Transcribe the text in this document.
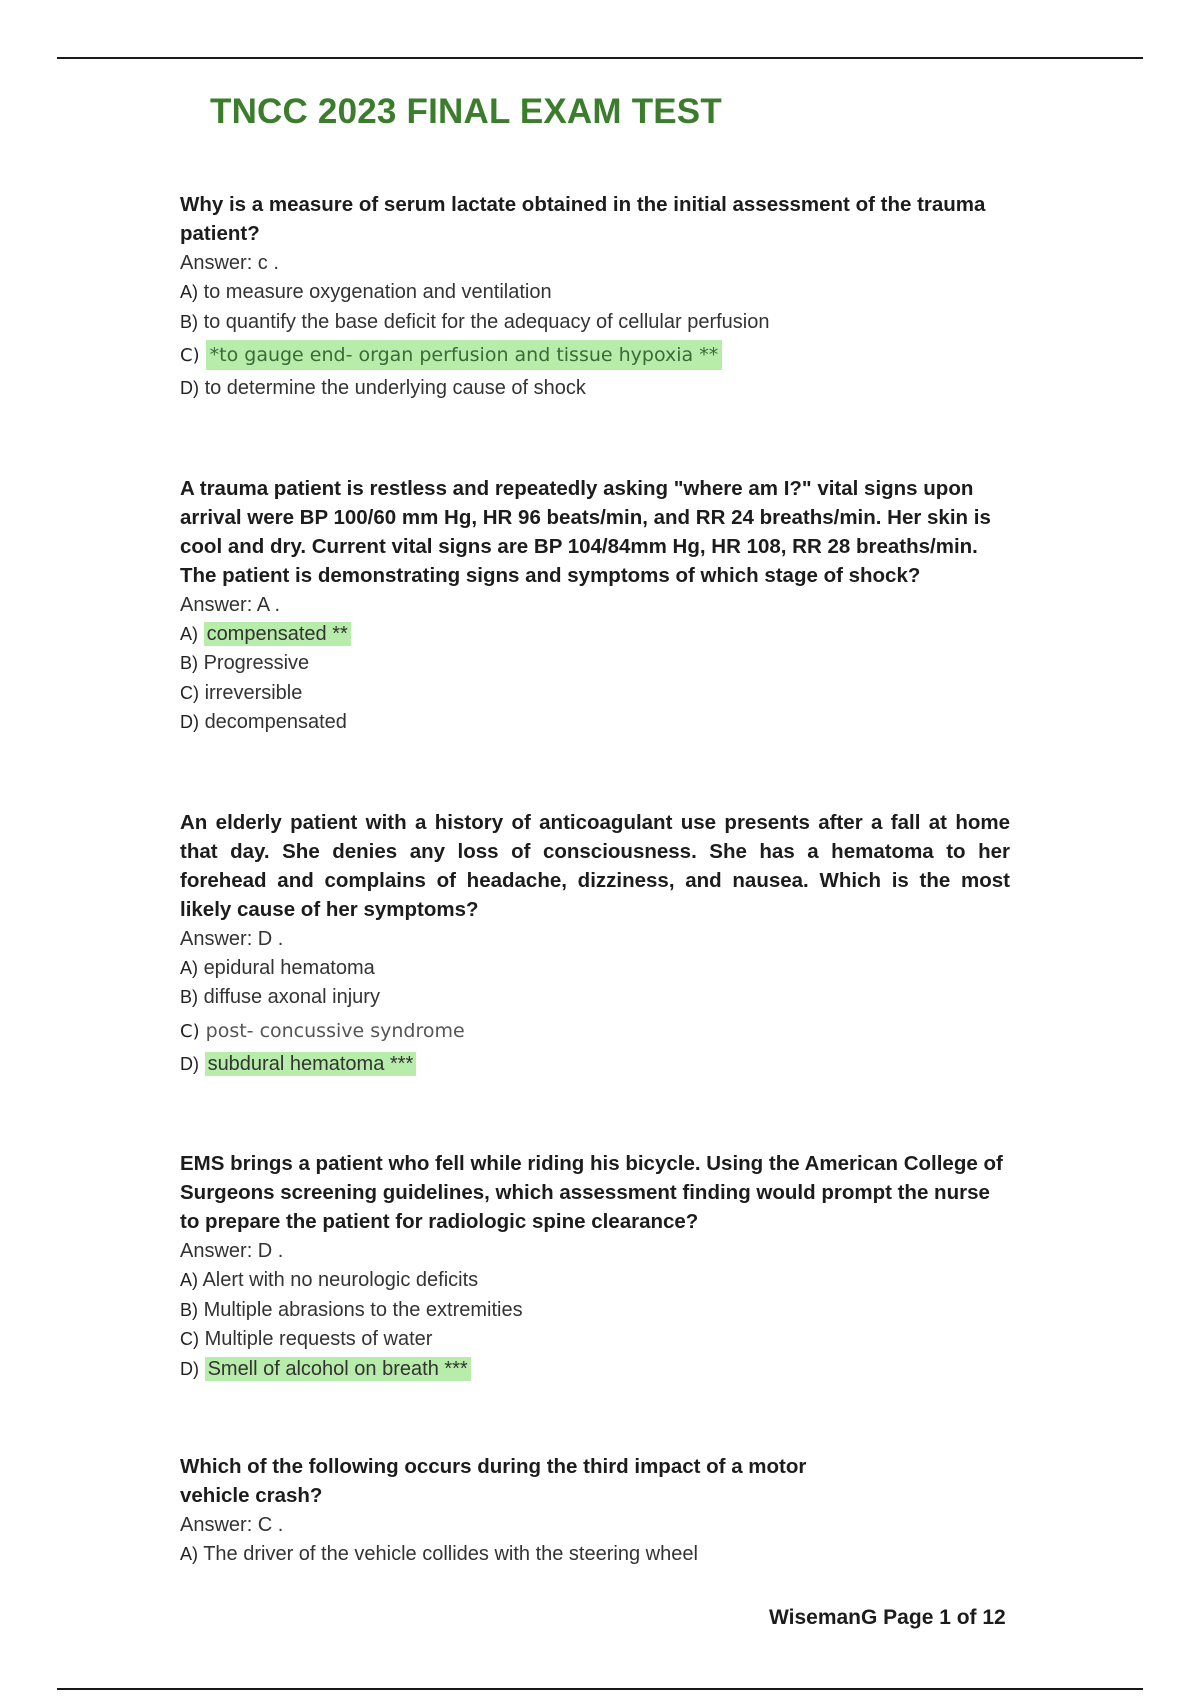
TNCC 2023 FINAL EXAM TEST

Why is a measure of serum lactate obtained in the initial assessment of the trauma patient?

Answer: c .

A) to measure oxygenation and ventilation

B) to quantify the base deficit for the adequacy of cellular perfusion

C) *to gauge end- organ perfusion and tissue hypoxia **

D) to determine the underlying cause of shock

A trauma patient is restless and repeatedly asking "where am I?" vital signs upon arrival were BP 100/60 mm Hg, HR 96 beats/min, and RR 24 breaths/min. Her skin is cool and dry. Current vital signs are BP 104/84mm Hg, HR 108, RR 28 breaths/min. The patient is demonstrating signs and symptoms of which stage of shock?

Answer: A .

A) compensated **

B) Progressive

C) irreversible

D) decompensated

An elderly patient with a history of anticoagulant use presents after a fall at home that day. She denies any loss of consciousness. She has a hematoma to her forehead and complains of headache, dizziness, and nausea. Which is the most likely cause of her symptoms?

Answer: D .

A) epidural hematoma

B) diffuse axonal injury

C) post- concussive syndrome

D) subdural hematoma ***

EMS brings a patient who fell while riding his bicycle. Using the American College of Surgeons screening guidelines, which assessment finding would prompt the nurse to prepare the patient for radiologic spine clearance?

Answer: D .

A) Alert with no neurologic deficits

B) Multiple abrasions to the extremities

C) Multiple requests of water

D) Smell of alcohol on breath ***

Which of the following occurs during the third impact of a motor vehicle crash?

Answer: C .

A) The driver of the vehicle collides with the steering wheel

WisemanG Page 1 of 12
